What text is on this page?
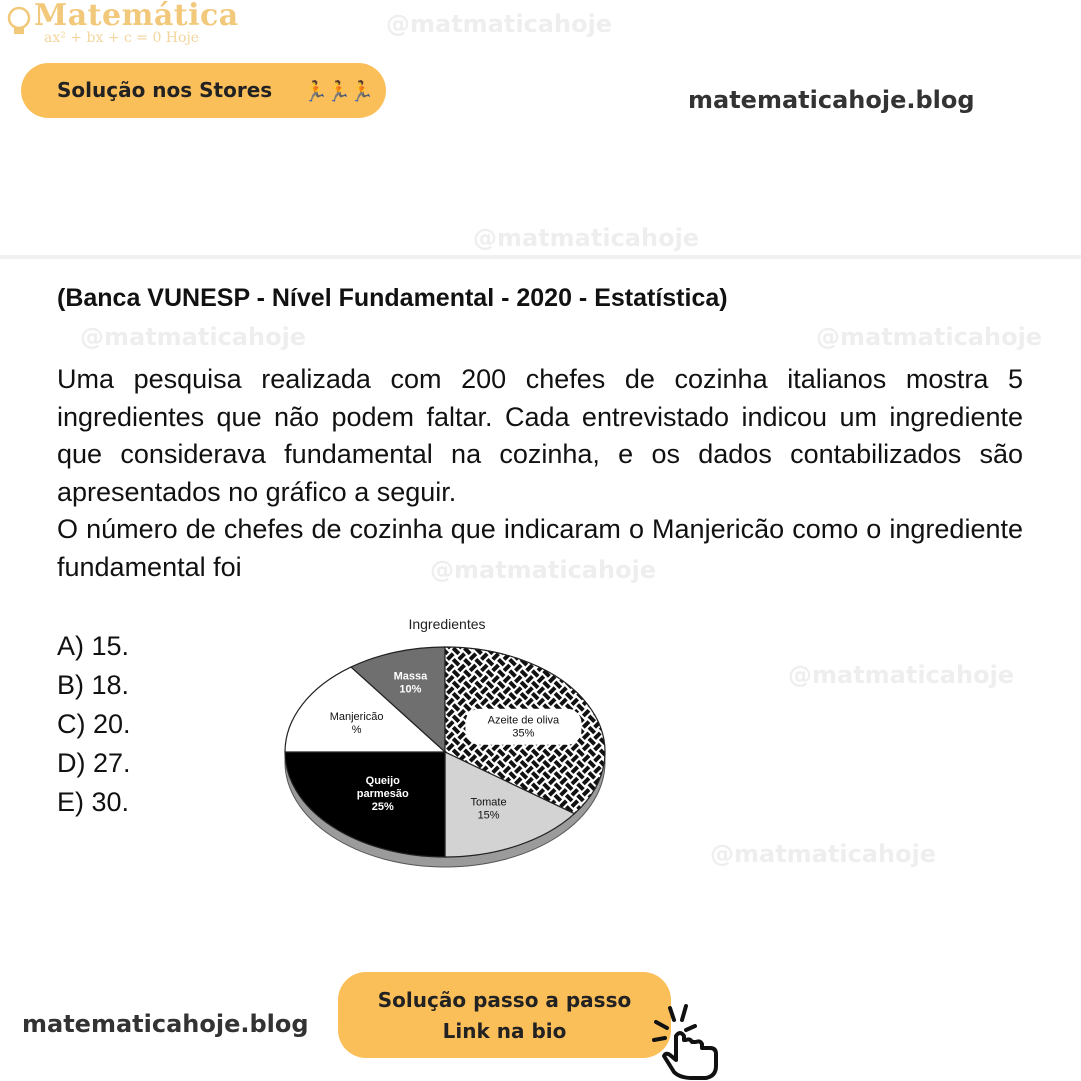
Matemática
ax² + bx + c = 0 Hoje	@matmaticahoje
@matmaticahoje
@matmaticahoje	@matmaticahoje
@matmaticahoje
@matmaticahoje
@matmaticahoje
Solução nos Stores 🏃
🏃
🏃	matematicahoje.blog
(Banca VUNESP - Nível Fundamental - 2020 - Estatística)

Uma pesquisa realizada com 200 chefes de cozinha italianos mostra 5 ingredientes que não podem faltar. Cada entrevistado indicou um ingrediente que considerava fundamental na cozinha, e os dados contabilizados são apresentados no gráfico a seguir.

O número de chefes de cozinha que indicaram o Manjericão como o ingrediente fundamental foi

A) 15.
B) 18.
C) 20.
D) 27.
E) 30.
Ingredientes
Massa
10%
Azeite de oliva
35%
Tomate
15%
Queijo
parmesão
25%
Manjericão
%
matematicahoje.blog
Solução passo a passo
Link na bio
